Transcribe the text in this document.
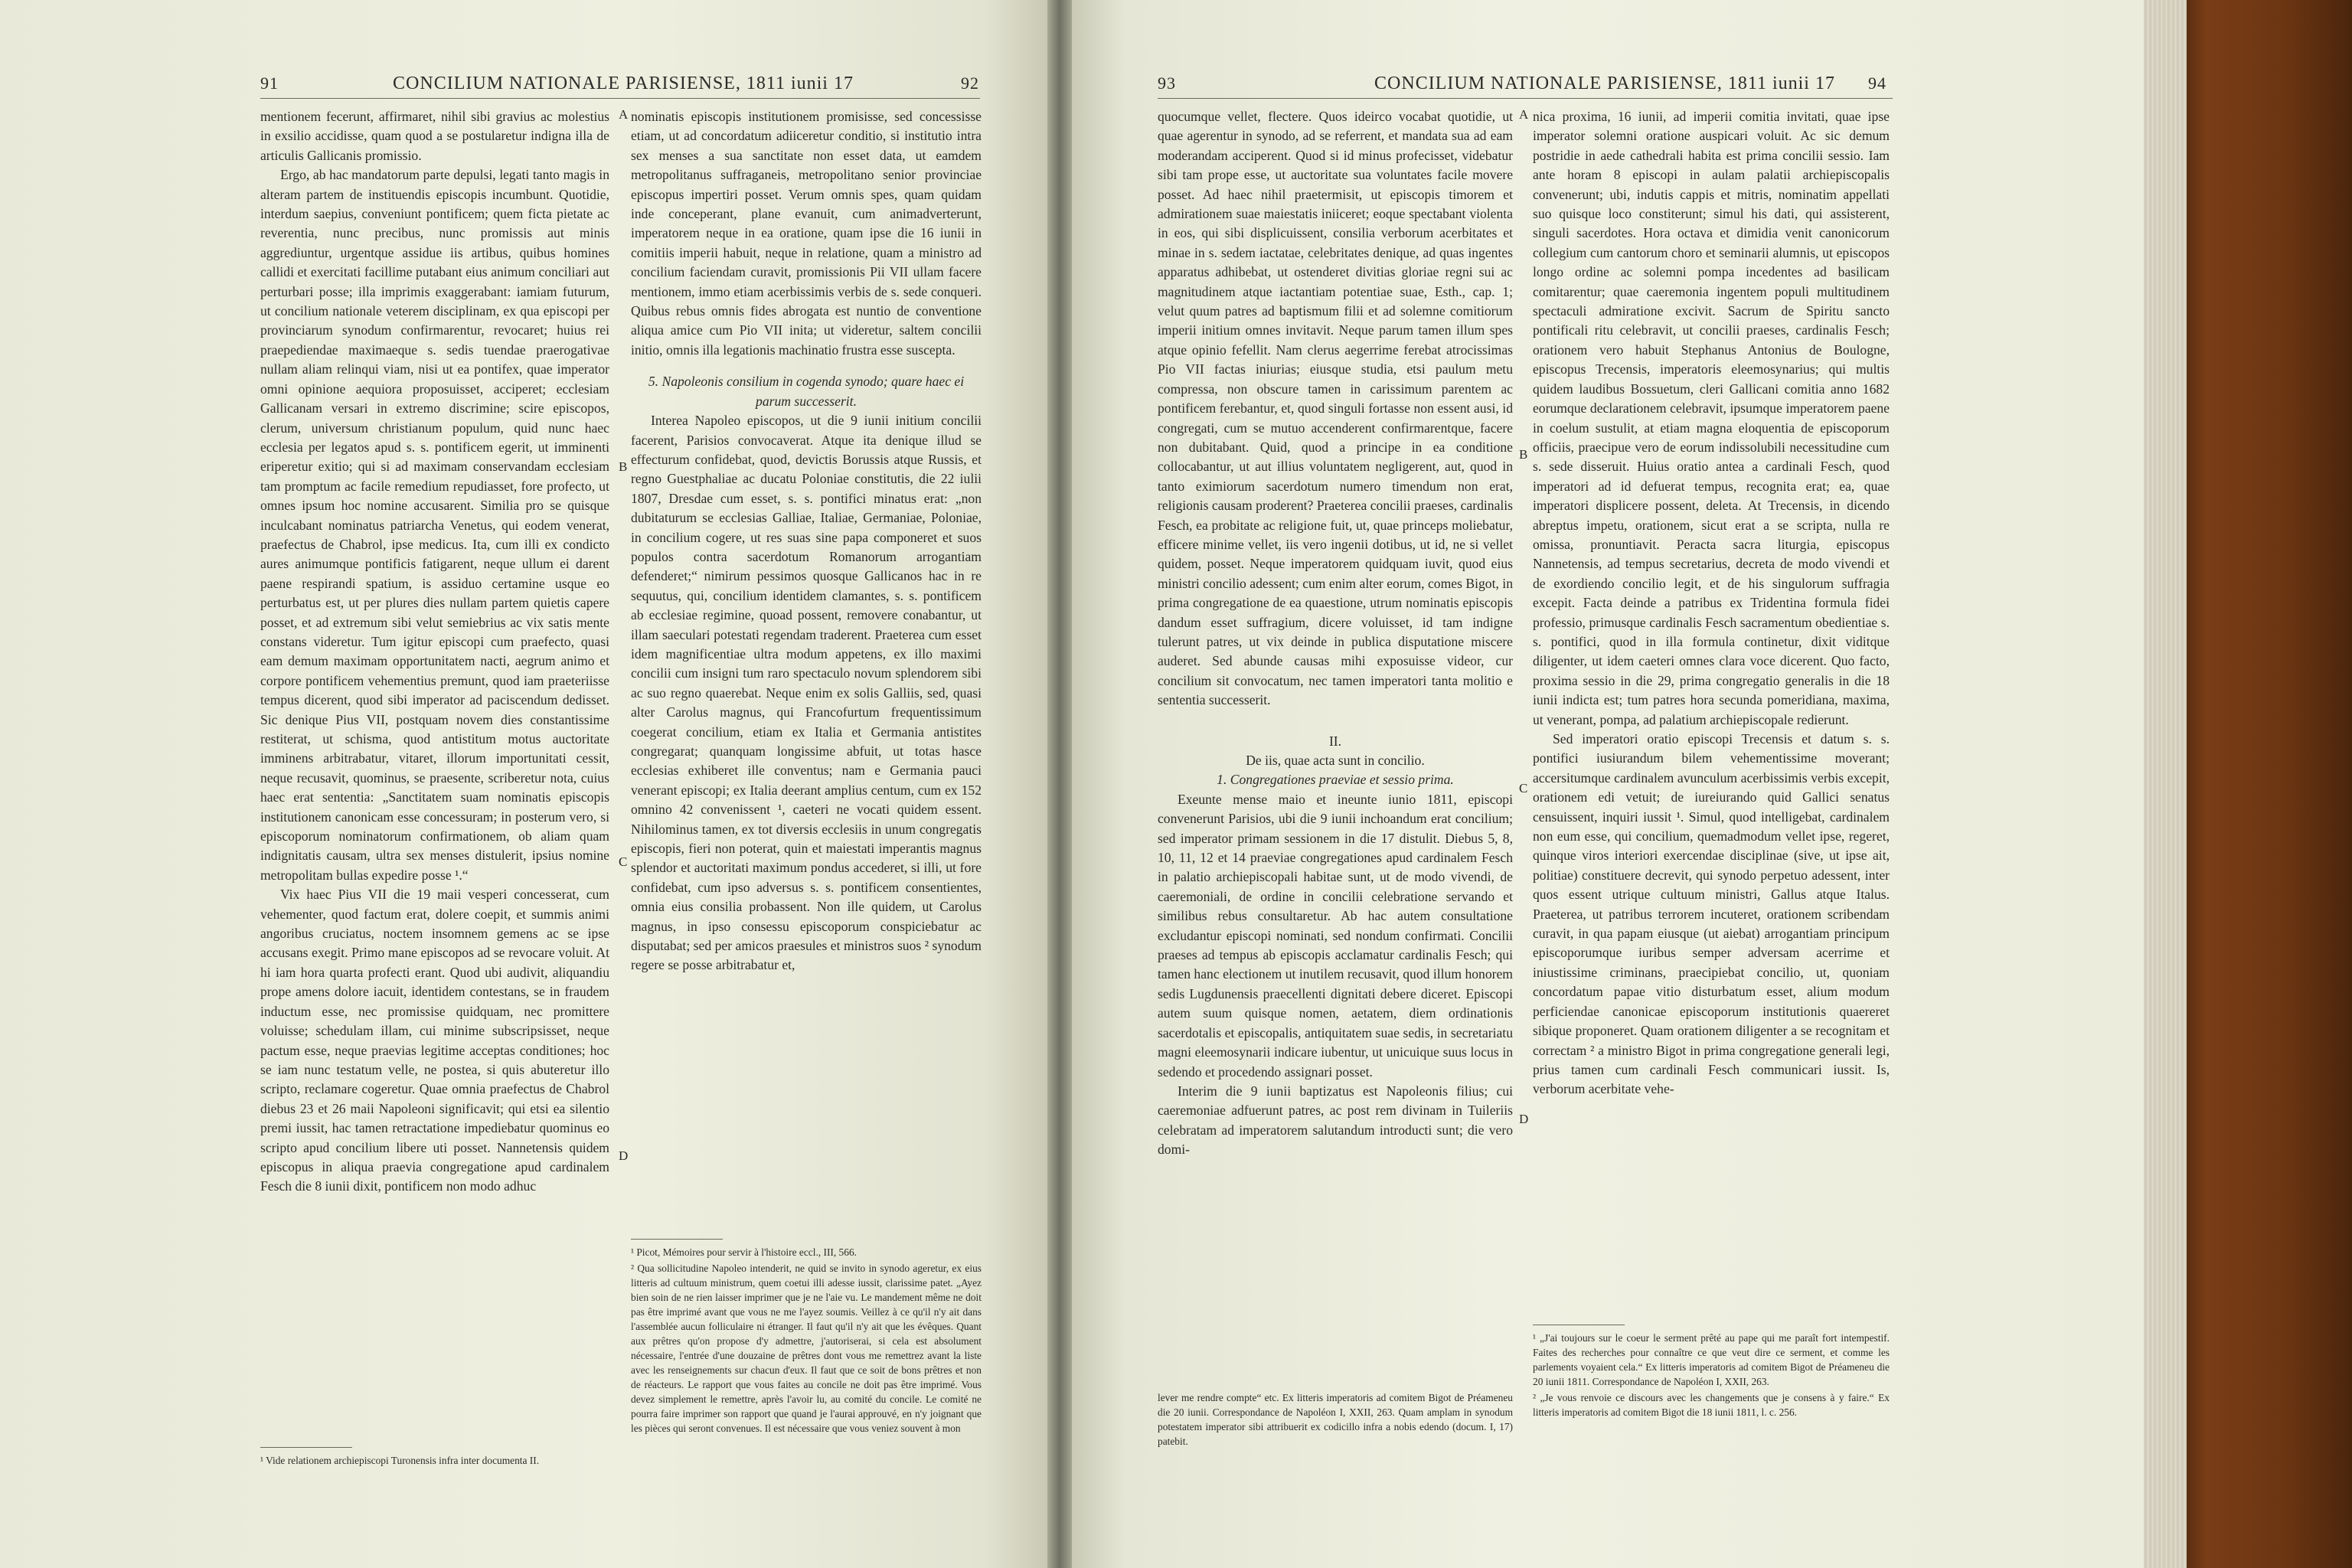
91	CONCILIUM NATIONALE PARISIENSE, 1811 iunii 17	92

mentionem fecerunt, affirmaret, nihil sibi gravius ac molestius in exsilio accidisse, quam quod a se postularetur indigna illa de articulis Gallicanis promissio.

Ergo, ab hac mandatorum parte depulsi, legati tanto magis in alteram partem de instituendis episcopis incumbunt. Quotidie, interdum saepius, conveniunt pontificem; quem ficta pietate ac reverentia, nunc precibus, nunc promissis aut minis aggrediuntur, urgentque assidue iis artibus, quibus homines callidi et exercitati facillime putabant eius animum conciliari aut perturbari posse; illa imprimis exaggerabant: iamiam futurum, ut concilium nationale veterem disciplinam, ex qua episcopi per provinciarum synodum confirmarentur, revocaret; huius rei praepediendae maximaeque s. sedis tuendae praerogativae nullam aliam relinqui viam, nisi ut ea pontifex, quae imperator omni opinione aequiora proposuisset, acciperet; ecclesiam Gallicanam versari in extremo discrimine; scire episcopos, clerum, universum christianum populum, quid nunc haec ecclesia per legatos apud s. s. pontificem egerit, ut imminenti eriperetur exitio; qui si ad maximam conservandam ecclesiam tam promptum ac facile remedium repudiasset, fore profecto, ut omnes ipsum hoc nomine accusarent. Similia pro se quisque inculcabant nominatus patriarcha Venetus, qui eodem venerat, praefectus de Chabrol, ipse medicus. Ita, cum illi ex condicto aures animumque pontificis fatigarent, neque ullum ei darent paene respirandi spatium, is assiduo certamine usque eo perturbatus est, ut per plures dies nullam partem quietis capere posset, et ad extremum sibi velut semiebrius ac vix satis mente constans videretur. Tum igitur episcopi cum praefecto, quasi eam demum maximam opportunitatem nacti, aegrum animo et corpore pontificem vehementius premunt, quod iam praeteriisse tempus dicerent, quod sibi imperator ad paciscendum dedisset. Sic denique Pius VII, postquam novem dies constantissime restiterat, ut schisma, quod antistitum motus auctoritate imminens arbitrabatur, vitaret, illorum importunitati cessit, neque recusavit, quominus, se praesente, scriberetur nota, cuius haec erat sententia: „Sanctitatem suam nominatis episcopis institutionem canonicam esse concessuram; in posterum vero, si episcoporum nominatorum confirmationem, ob aliam quam indignitatis causam, ultra sex menses distulerit, ipsius nomine metropolitam bullas expedire posse ¹.“

Vix haec Pius VII die 19 maii vesperi concesserat, cum vehementer, quod factum erat, dolere coepit, et summis animi angoribus cruciatus, noctem insomnem gemens ac se ipse accusans exegit. Primo mane episcopos ad se revocare voluit. At hi iam hora quarta profecti erant. Quod ubi audivit, aliquandiu prope amens dolore iacuit, identidem contestans, se in fraudem inductum esse, nec promissise quidquam, nec promittere voluisse; schedulam illam, cui minime subscripsisset, neque pactum esse, neque praevias legitime acceptas conditiones; hoc se iam nunc testatum velle, ne postea, si quis abuteretur illo scripto, reclamare cogeretur. Quae omnia praefectus de Chabrol diebus 23 et 26 maii Napoleoni significavit; qui etsi ea silentio premi iussit, hac tamen retractatione impediebatur quominus eo scripto apud concilium libere uti posset. Nannetensis quidem episcopus in aliqua praevia congregatione apud cardinalem Fesch die 8 iunii dixit, pontificem non modo adhuc

¹ Vide relationem archiepiscopi Turonensis infra inter documenta II.

A
B
C
D

nominatis episcopis institutionem promisisse, sed concessisse etiam, ut ad concordatum adiiceretur conditio, si institutio intra sex menses a sua sanctitate non esset data, ut eamdem metropolitanus suffraganeis, metropolitano senior provinciae episcopus impertiri posset. Verum omnis spes, quam quidam inde conceperant, plane evanuit, cum animadverterunt, imperatorem neque in ea oratione, quam ipse die 16 iunii in comitiis imperii habuit, neque in relatione, quam a ministro ad concilium faciendam curavit, promissionis Pii VII ullam facere mentionem, immo etiam acerbissimis verbis de s. sede conqueri. Quibus rebus omnis fides abrogata est nuntio de conventione aliqua amice cum Pio VII inita; ut videretur, saltem concilii initio, omnis illa legationis machinatio frustra esse suscepta.

5. Napoleonis consilium in cogenda synodo; quare haec ei parum successerit.

Interea Napoleo episcopos, ut die 9 iunii initium concilii facerent, Parisios convocaverat. Atque ita denique illud se effecturum confidebat, quod, devictis Borussis atque Russis, et regno Guestphaliae ac ducatu Poloniae constitutis, die 22 iulii 1807, Dresdae cum esset, s. s. pontifici minatus erat: „non dubitaturum se ecclesias Galliae, Italiae, Germaniae, Poloniae, in concilium cogere, ut res suas sine papa componeret et suos populos contra sacerdotum Romanorum arrogantiam defenderet;“ nimirum pessimos quosque Gallicanos hac in re sequutus, qui, concilium identidem clamantes, s. s. pontificem ab ecclesiae regimine, quoad possent, removere conabantur, ut illam saeculari potestati regendam traderent. Praeterea cum esset idem magnificentiae ultra modum appetens, ex illo maximi concilii cum insigni tum raro spectaculo novum splendorem sibi ac suo regno quaerebat. Neque enim ex solis Galliis, sed, quasi alter Carolus magnus, qui Francofurtum frequentissimum coegerat concilium, etiam ex Italia et Germania antistites congregarat; quanquam longissime abfuit, ut totas hasce ecclesias exhiberet ille conventus; nam e Germania pauci venerant episcopi; ex Italia deerant amplius centum, cum ex 152 omnino 42 convenissent ¹, caeteri ne vocati quidem essent. Nihilominus tamen, ex tot diversis ecclesiis in unum congregatis episcopis, fieri non poterat, quin et maiestati imperantis magnus splendor et auctoritati maximum pondus accederet, si illi, ut fore confidebat, cum ipso adversus s. s. pontificem consentientes, omnia eius consilia probassent. Non ille quidem, ut Carolus magnus, in ipso consessu episcoporum conspiciebatur ac disputabat; sed per amicos praesules et ministros suos ² synodum regere se posse arbitrabatur et,

¹ Picot, Mémoires pour servir à l'histoire eccl., III, 566.

² Qua sollicitudine Napoleo intenderit, ne quid se invito in synodo ageretur, ex eius litteris ad cultuum ministrum, quem coetui illi adesse iussit, clarissime patet. „Ayez bien soin de ne rien laisser imprimer que je ne l'aie vu. Le mandement même ne doit pas être imprimé avant que vous ne me l'ayez soumis. Veillez à ce qu'il n'y ait dans l'assemblée aucun folliculaire ni étranger. Il faut qu'il n'y ait que les évêques. Quant aux prêtres qu'on propose d'y admettre, j'autoriserai, si cela est absolument nécessaire, l'entrée d'une douzaine de prêtres dont vous me remettrez avant la liste avec les renseignements sur chacun d'eux. Il faut que ce soit de bons prêtres et non de réacteurs. Le rapport que vous faites au concile ne doit pas être imprimé. Vous devez simplement le remettre, après l'avoir lu, au comité du concile. Le comité ne pourra faire imprimer son rapport que quand je l'aurai approuvé, en n'y joignant que les pièces qui seront convenues. Il est nécessaire que vous veniez souvent à mon

93	CONCILIUM NATIONALE PARISIENSE, 1811 iunii 17	94

quocumque vellet, flectere. Quos ideirco vocabat quotidie, ut quae agerentur in synodo, ad se referrent, et mandata sua ad eam moderandam acciperent. Quod si id minus profecisset, videbatur sibi tam prope esse, ut auctoritate sua voluntates facile movere posset. Ad haec nihil praetermisit, ut episcopis timorem et admirationem suae maiestatis iniiceret; eoque spectabant violenta in eos, qui sibi displicuissent, consilia verborum acerbitates et minae in s. sedem iactatae, celebritates denique, ad quas ingentes apparatus adhibebat, ut ostenderet divitias gloriae regni sui ac magnitudinem atque iactantiam potentiae suae, Esth., cap. 1; velut quum patres ad baptismum filii et ad solemne comitiorum imperii initium omnes invitavit. Neque parum tamen illum spes atque opinio fefellit. Nam clerus aegerrime ferebat atrocissimas Pio VII factas iniurias; eiusque studia, etsi paulum metu compressa, non obscure tamen in carissimum parentem ac pontificem ferebantur, et, quod singuli fortasse non essent ausi, id congregati, cum se mutuo accenderent confirmarentque, facere non dubitabant. Quid, quod a principe in ea conditione collocabantur, ut aut illius voluntatem negligerent, aut, quod in tanto eximiorum sacerdotum numero timendum non erat, religionis causam proderent? Praeterea concilii praeses, cardinalis Fesch, ea probitate ac religione fuit, ut, quae princeps moliebatur, efficere minime vellet, iis vero ingenii dotibus, ut id, ne si vellet quidem, posset. Neque imperatorem quidquam iuvit, quod eius ministri concilio adessent; cum enim alter eorum, comes Bigot, in prima congregatione de ea quaestione, utrum nominatis episcopis dandum esset suffragium, dicere voluisset, id tam indigne tulerunt patres, ut vix deinde in publica disputatione miscere auderet. Sed abunde causas mihi exposuisse videor, cur concilium sit convocatum, nec tamen imperatori tanta molitio e sententia successerit.

II.

De iis, quae acta sunt in concilio.

1. Congregationes praeviae et sessio prima.

Exeunte mense maio et ineunte iunio 1811, episcopi convenerunt Parisios, ubi die 9 iunii inchoandum erat concilium; sed imperator primam sessionem in die 17 distulit. Diebus 5, 8, 10, 11, 12 et 14 praeviae congregationes apud cardinalem Fesch in palatio archiepiscopali habitae sunt, ut de modo vivendi, de caeremoniali, de ordine in concilii celebratione servando et similibus rebus consultaretur. Ab hac autem consultatione excludantur episcopi nominati, sed nondum confirmati. Concilii praeses ad tempus ab episcopis acclamatur cardinalis Fesch; qui tamen hanc electionem ut inutilem recusavit, quod illum honorem sedis Lugdunensis praecellenti dignitati debere diceret. Episcopi autem suum quisque nomen, aetatem, diem ordinationis sacerdotalis et episcopalis, antiquitatem suae sedis, in secretariatu magni eleemosynarii indicare iubentur, ut unicuique suus locus in sedendo et procedendo assignari posset.

Interim die 9 iunii baptizatus est Napoleonis filius; cui caeremoniae adfuerunt patres, ac post rem divinam in Tuileriis celebratam ad imperatorem salutandum introducti sunt; die vero domi-

lever me rendre compte“ etc. Ex litteris imperatoris ad comitem Bigot de Préameneu die 20 iunii. Correspondance de Napoléon I, XXII, 263. Quam amplam in synodum potestatem imperator sibi attribuerit ex codicillo infra a nobis edendo (docum. I, 17) patebit.

A
B
C
D

nica proxima, 16 iunii, ad imperii comitia invitati, quae ipse imperator solemni oratione auspicari voluit. Ac sic demum postridie in aede cathedrali habita est prima concilii sessio. Iam ante horam 8 episcopi in aulam palatii archiepiscopalis convenerunt; ubi, indutis cappis et mitris, nominatim appellati suo quisque loco constiterunt; simul his dati, qui assisterent, singuli sacerdotes. Hora octava et dimidia venit canonicorum collegium cum cantorum choro et seminarii alumnis, ut episcopos longo ordine ac solemni pompa incedentes ad basilicam comitarentur; quae caeremonia ingentem populi multitudinem spectaculi admiratione excivit. Sacrum de Spiritu sancto pontificali ritu celebravit, ut concilii praeses, cardinalis Fesch; orationem vero habuit Stephanus Antonius de Boulogne, episcopus Trecensis, imperatoris eleemosynarius; qui multis quidem laudibus Bossuetum, cleri Gallicani comitia anno 1682 eorumque declarationem celebravit, ipsumque imperatorem paene in coelum sustulit, at etiam magna eloquentia de episcoporum officiis, praecipue vero de eorum indissolubili necessitudine cum s. sede disseruit. Huius oratio antea a cardinali Fesch, quod imperatori ad id defuerat tempus, recognita erat; ea, quae imperatori displicere possent, deleta. At Trecensis, in dicendo abreptus impetu, orationem, sicut erat a se scripta, nulla re omissa, pronuntiavit. Peracta sacra liturgia, episcopus Nannetensis, ad tempus secretarius, decreta de modo vivendi et de exordiendo concilio legit, et de his singulorum suffragia excepit. Facta deinde a patribus ex Tridentina formula fidei professio, primusque cardinalis Fesch sacramentum obedientiae s. s. pontifici, quod in illa formula continetur, dixit viditque diligenter, ut idem caeteri omnes clara voce dicerent. Quo facto, proxima sessio in die 29, prima congregatio generalis in die 18 iunii indicta est; tum patres hora secunda pomeridiana, maxima, ut venerant, pompa, ad palatium archiepiscopale redierunt.

Sed imperatori oratio episcopi Trecensis et datum s. s. pontifici iusiurandum bilem vehementissime moverant; accersitumque cardinalem avunculum acerbissimis verbis excepit, orationem edi vetuit; de iureiurando quid Gallici senatus censuissent, inquiri iussit ¹. Simul, quod intelligebat, cardinalem non eum esse, qui concilium, quemadmodum vellet ipse, regeret, quinque viros interiori exercendae disciplinae (sive, ut ipse ait, politiae) constituere decrevit, qui synodo perpetuo adessent, inter quos essent utrique cultuum ministri, Gallus atque Italus. Praeterea, ut patribus terrorem incuteret, orationem scribendam curavit, in qua papam eiusque (ut aiebat) arrogantiam principum episcoporumque iuribus semper adversam acerrime et iniustissime criminans, praecipiebat concilio, ut, quoniam concordatum papae vitio disturbatum esset, alium modum perficiendae canonicae episcoporum institutionis quaereret sibique proponeret. Quam orationem diligenter a se recognitam et correctam ² a ministro Bigot in prima congregatione generali legi, prius tamen cum cardinali Fesch communicari iussit. Is, verborum acerbitate vehe-

¹ „J'ai toujours sur le coeur le serment prêté au pape qui me paraît fort intempestif. Faites des recherches pour connaître ce que veut dire ce serment, et comme les parlements voyaient cela.“ Ex litteris imperatoris ad comitem Bigot de Préameneu die 20 iunii 1811. Correspondance de Napoléon I, XXII, 263.

² „Je vous renvoie ce discours avec les changements que je consens à y faire.“ Ex litteris imperatoris ad comitem Bigot die 18 iunii 1811, l. c. 256.
